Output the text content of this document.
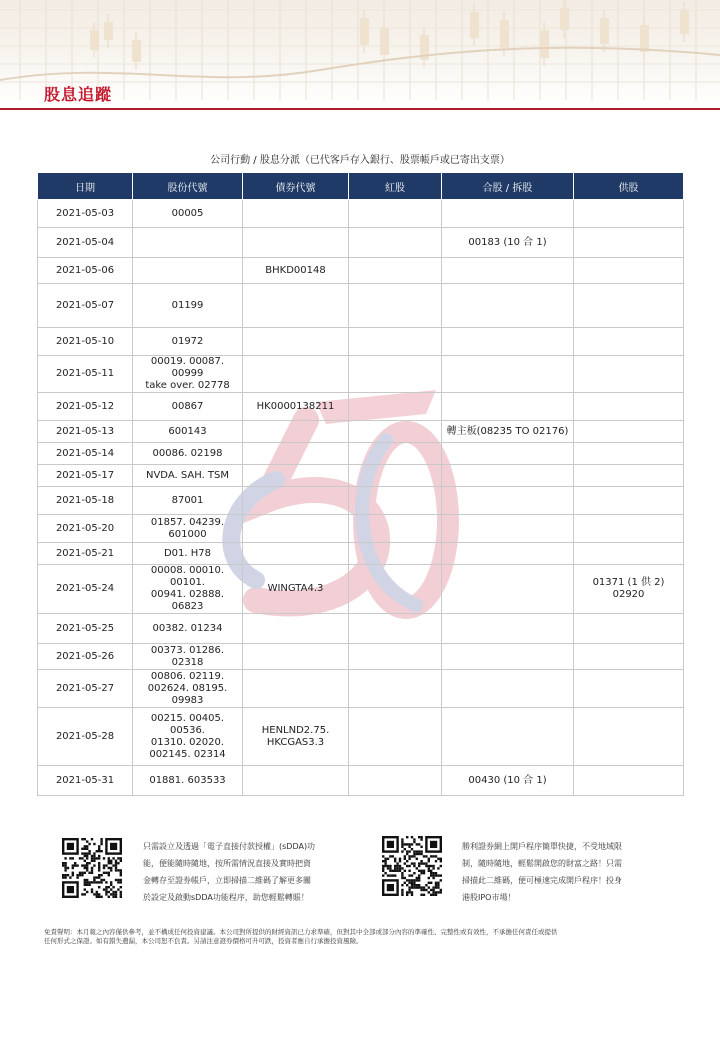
股息追蹤
公司行動 / 股息分派（已代客戶存入銀行、股票帳戶或已寄出支票）
日期	股份代號	債券代號	紅股	合股 / 拆股	供股
2021-05-03	00005				
2021-05-04				00183 (10 合 1)	
2021-05-06		BHKD00148			
2021-05-07	01199				
2021-05-10	01972				
2021-05-11	00019. 00087. 00999
take over. 02778				
2021-05-12	00867	HK0000138211			
2021-05-13	600143			轉主板(08235 TO 02176)	
2021-05-14	00086. 02198				
2021-05-17	NVDA. SAH. TSM				
2021-05-18	87001				
2021-05-20	01857. 04239.
601000				
2021-05-21	D01. H78				
2021-05-24	00008. 00010. 00101.
00941. 02888. 06823	WINGTA4.3			01371 (1 供 2) 02920
2021-05-25	00382. 01234				
2021-05-26	00373. 01286. 02318				
2021-05-27	00806. 02119.
002624. 08195.
09983				
2021-05-28	00215. 00405. 00536.
01310. 02020.
002145. 02314	HENLND2.75.
HKCGAS3.3			
2021-05-31	01881. 603533			00430 (10 合 1)	
只需設立及透過「電子直接付款授權」(sDDA)功
能，便能隨時隨地，按所需情況直接及實時把資
金轉存至證券帳戶，立即掃描二維碼了解更多關
於設定及啟動sDDA功能程序，助您輕鬆轉賬！
勝利證券網上開戶程序簡單快捷，不受地域限
制，隨時隨地，輕鬆開啟您的財富之路！只需
掃描此二維碼，便可極速完成開戶程序！投身
港股IPO市場！
免責聲明：本月報之內容僅供參考，並不構成任何投資建議。本公司對所提供的財經資訊已力求準確，但對其中全部或部分內容的準確性、完整性或有效性，不承擔任何責任或提供
任何形式之保證。如有錯失遺漏，本公司恕不負責。另請注意證券價格可升可跌，投資者應自行承擔投資風險。
